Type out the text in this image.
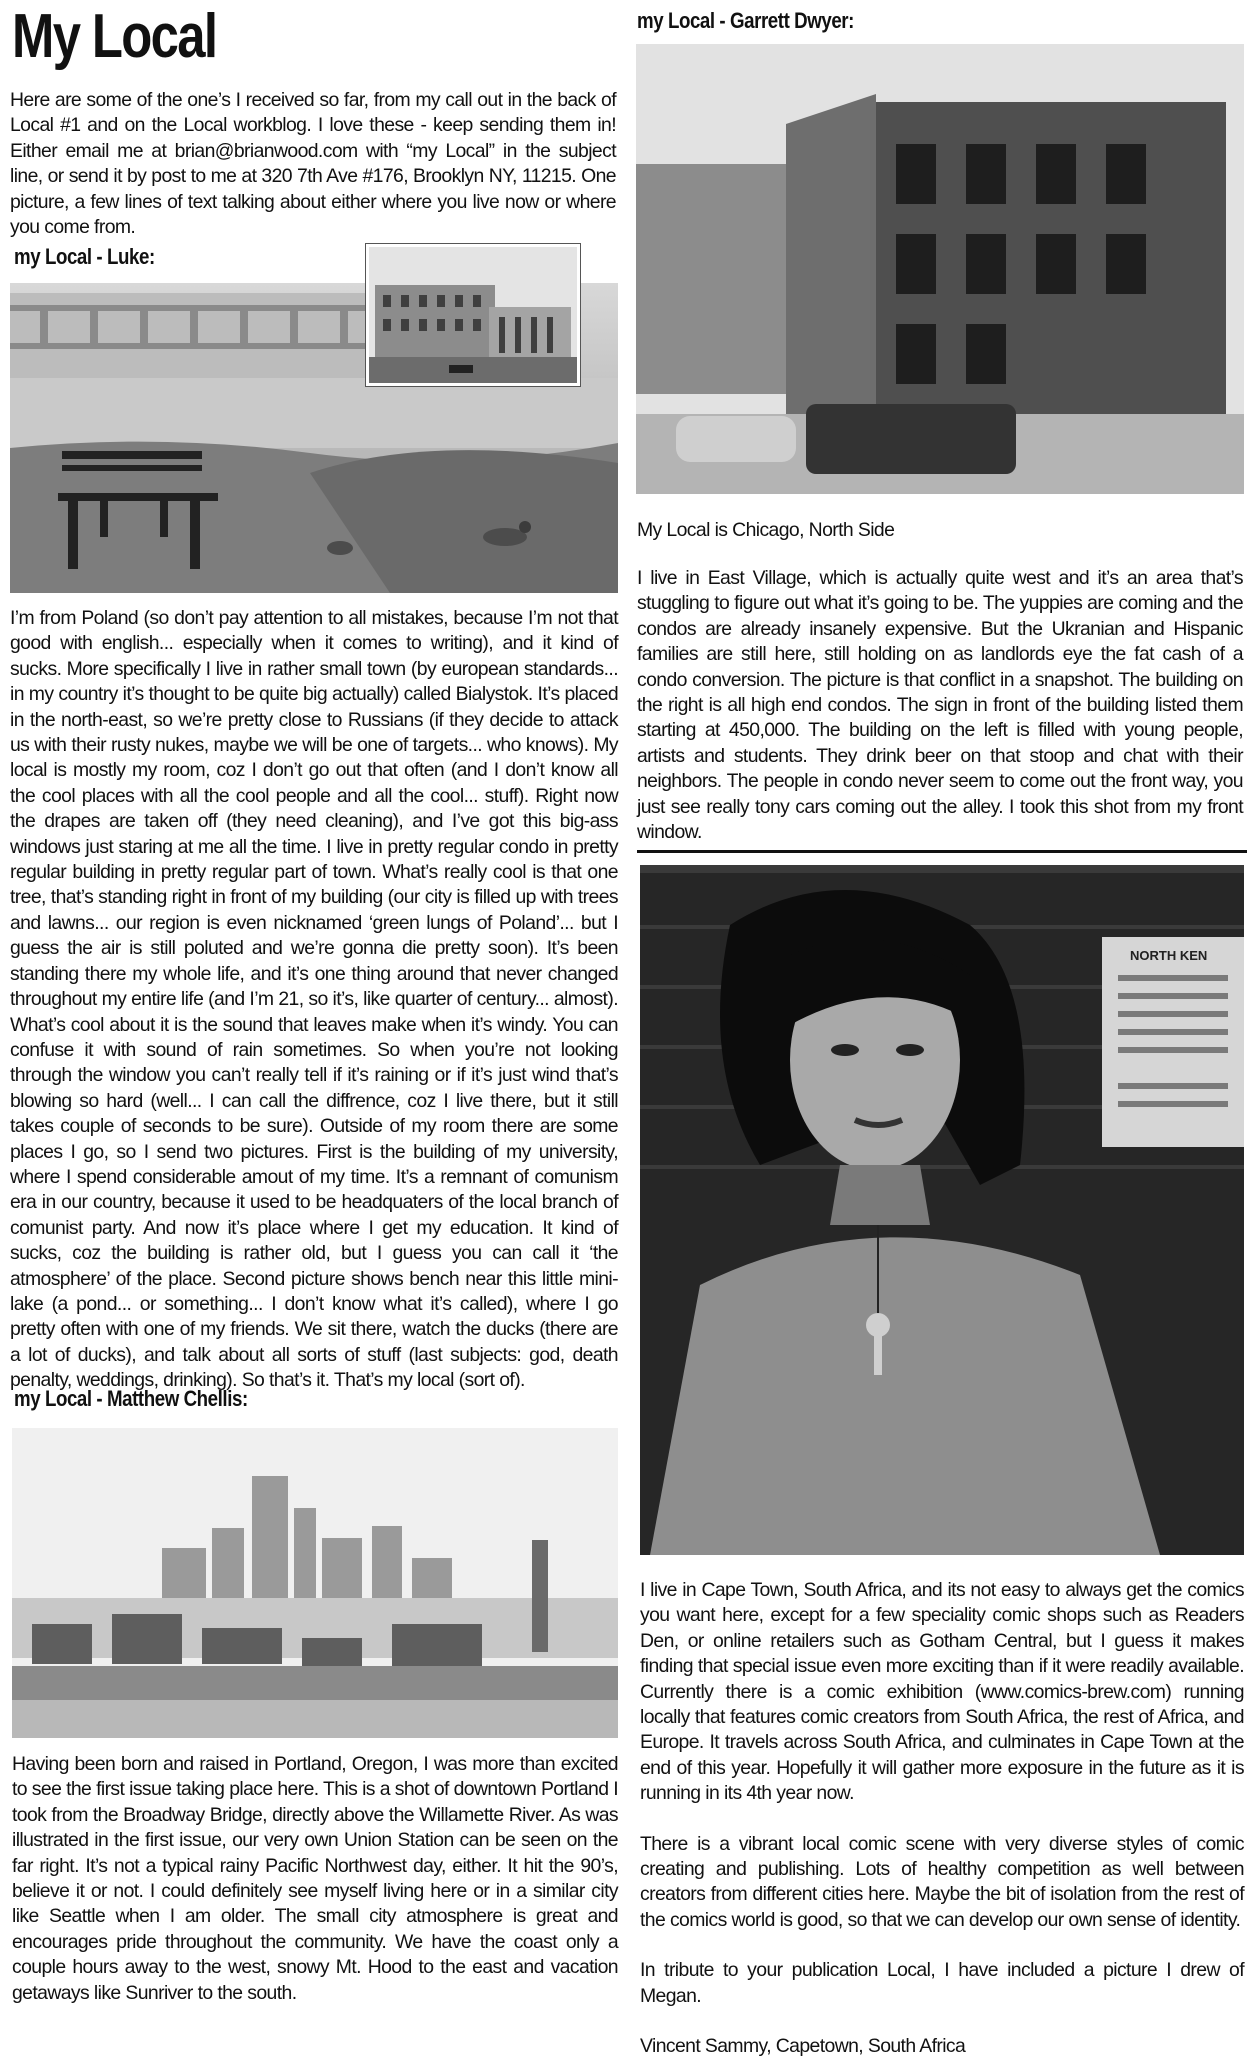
My Local

Here are some of the one’s I received so far, from my call out in the back of Local #1 and on the Local workblog. I love these - keep sending them in! Either email me at brian@brianwood.com with “my Local” in the subject line, or send it by post to me at 320 7th Ave #176, Brooklyn NY, 11215. One picture, a few lines of text talking about either where you live now or where you come from.

my Local - Luke:

I’m from Poland (so don’t pay attention to all mistakes, because I’m not that good with english... especially when it comes to writing), and it kind of sucks. More specifically I live in rather small town (by european standards... in my country it’s thought to be quite big actually) called Bialystok. It’s placed in the north-east, so we’re pretty close to Russians (if they decide to attack us with their rusty nukes, maybe we will be one of targets... who knows). My local is mostly my room, coz I don’t go out that often (and I don’t know all the cool places with all the cool people and all the cool... stuff). Right now the drapes are taken off (they need cleaning), and I’ve got this big-ass windows just staring at me all the time. I live in pretty regular condo in pretty regular building in pretty regular part of town. What’s really cool is that one tree, that’s standing right in front of my building (our city is filled up with trees and lawns... our region is even nicknamed ‘green lungs of Poland’... but I guess the air is still poluted and we’re gonna die pretty soon). It’s been standing there my whole life, and it’s one thing around that never changed throughout my entire life (and I’m 21, so it’s, like quarter of century... almost). What’s cool about it is the sound that leaves make when it’s windy. You can confuse it with sound of rain sometimes. So when you’re not looking through the window you can’t really tell if it’s raining or if it’s just wind that’s blowing so hard (well... I can call the diffrence, coz I live there, but it still takes couple of seconds to be sure). Outside of my room there are some places I go, so I send two pictures. First is the building of my university, where I spend considerable amout of my time. It’s a remnant of comunism era in our country, because it used to be headquaters of the local branch of comunist party. And now it’s place where I get my education. It kind of sucks, coz the building is rather old, but I guess you can call it ‘the atmosphere’ of the place. Second picture shows bench near this little mini-lake (a pond... or something... I don’t know what it’s called), where I go pretty often with one of my friends. We sit there, watch the ducks (there are a lot of ducks), and talk about all sorts of stuff (last subjects: god, death penalty, weddings, drinking). So that’s it. That’s my local (sort of).

my Local - Matthew Chellis:

Having been born and raised in Portland, Oregon, I was more than excited to see the first issue taking place here. This is a shot of downtown Portland I took from the Broadway Bridge, directly above the Willamette River. As was illustrated in the first issue, our very own Union Station can be seen on the far right. It’s not a typical rainy Pacific Northwest day, either. It hit the 90’s, believe it or not. I could definitely see myself living here or in a similar city like Seattle when I am older. The small city atmosphere is great and encourages pride throughout the community. We have the coast only a couple hours away to the west, snowy Mt. Hood to the east and vacation getaways like Sunriver to the south.

my Local - Garrett Dwyer:

My Local is Chicago, North Side

I live in East Village, which is actually quite west and it’s an area that’s stuggling to figure out what it’s going to be. The yuppies are coming and the condos are already insanely expensive. But the Ukranian and Hispanic families are still here, still holding on as landlords eye the fat cash of a condo conversion. The picture is that conflict in a snapshot. The building on the right is all high end condos. The sign in front of the building listed them starting at 450,000. The building on the left is filled with young people, artists and students. They drink beer on that stoop and chat with their neighbors. The people in condo never seem to come out the front way, you just see really tony cars coming out the alley. I took this shot from my front window.

NORTH KEN

I live in Cape Town, South Africa, and its not easy to always get the comics you want here, except for a few speciality comic shops such as Readers Den, or online retailers such as Gotham Central, but I guess it makes finding that special issue even more exciting than if it were readily available. Currently there is a comic exhibition (www.comics-brew.com) running locally that features comic creators from South Africa, the rest of Africa, and Europe. It travels across South Africa, and culminates in Cape Town at the end of this year. Hopefully it will gather more exposure in the future as it is running in its 4th year now.

There is a vibrant local comic scene with very diverse styles of comic creating and publishing. Lots of healthy competition as well between creators from different cities here. Maybe the bit of isolation from the rest of the comics world is good, so that we can develop our own sense of identity.

In tribute to your publication Local, I have included a picture I drew of Megan.

Vincent Sammy, Capetown, South Africa
